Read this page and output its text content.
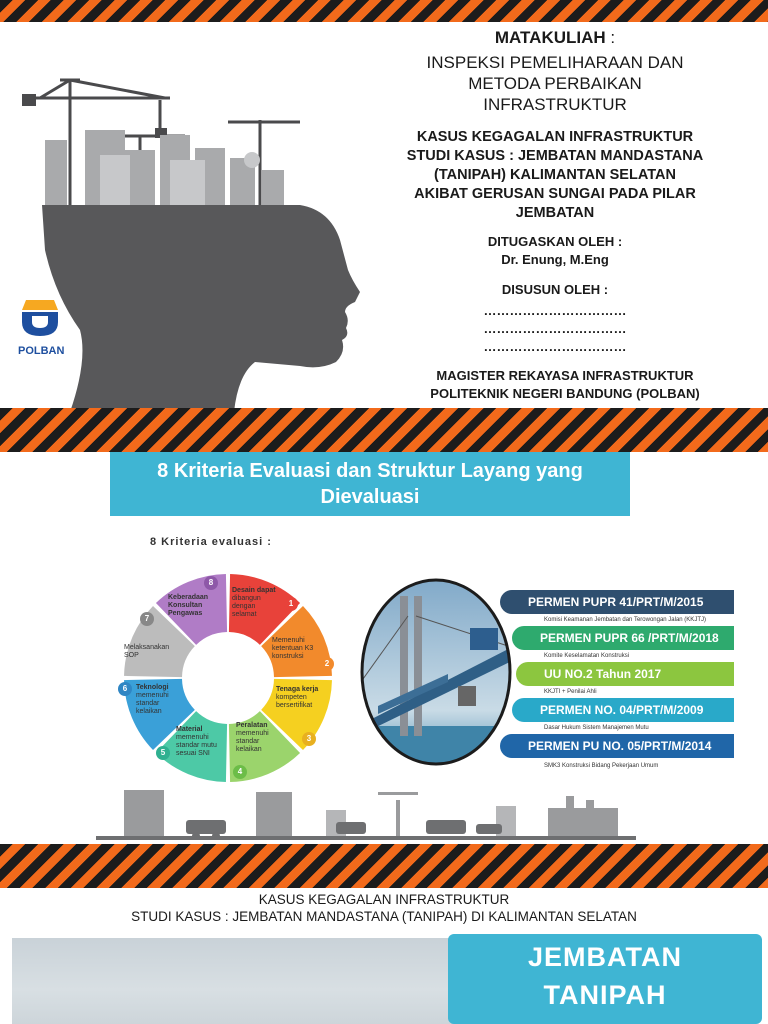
POLBAN
MATAKULIAH :
INSPEKSI PEMELIHARAAN DAN
METODA PERBAIKAN
INFRASTRUKTUR
KASUS KEGAGALAN INFRASTRUKTUR
STUDI KASUS : JEMBATAN MANDASTANA
(TANIPAH) KALIMANTAN SELATAN
AKIBAT GERUSAN SUNGAI PADA PILAR
JEMBATAN
DITUGASKAN OLEH :
Dr. Enung, M.Eng
DISUSUN OLEH :
……………………………
……………………………
……………………………
MAGISTER REKAYASA INFRASTRUKTUR
POLITEKNIK NEGERI BANDUNG (POLBAN)
8 Kriteria Evaluasi dan Struktur Layang yang
Dievaluasi
8 Kriteria evaluasi :
Desain dapat dibangun dengan selamat
Memenuhi ketentuan K3 konstruksi
Tenaga kerja kompeten bersertifikat
Peralatan memenuhi standar kelaikan
Material memenuhi standar mutu sesuai SNI
Teknologi memenuhi standar kelaikan
Melaksanakan SOP
Keberadaan Konsultan Pengawas
1
2
3
4
5
6
7
8
PERMEN PUPR 41/PRT/M/2015
Komisi Keamanan Jembatan dan Terowongan Jalan (KKJTJ)
PERMEN PUPR 66 /PRT/M/2018
Komite Keselamatan Konstruksi
UU NO.2 Tahun 2017
KKJTI + Penilai Ahli
PERMEN NO. 04/PRT/M/2009
Dasar Hukum Sistem Manajemen Mutu
PERMEN PU NO. 05/PRT/M/2014
SMK3 Konstruksi Bidang Pekerjaan Umum
KASUS KEGAGALAN INFRASTRUKTUR
STUDI KASUS : JEMBATAN MANDASTANA (TANIPAH) DI KALIMANTAN SELATAN
JEMBATAN
TANIPAH
